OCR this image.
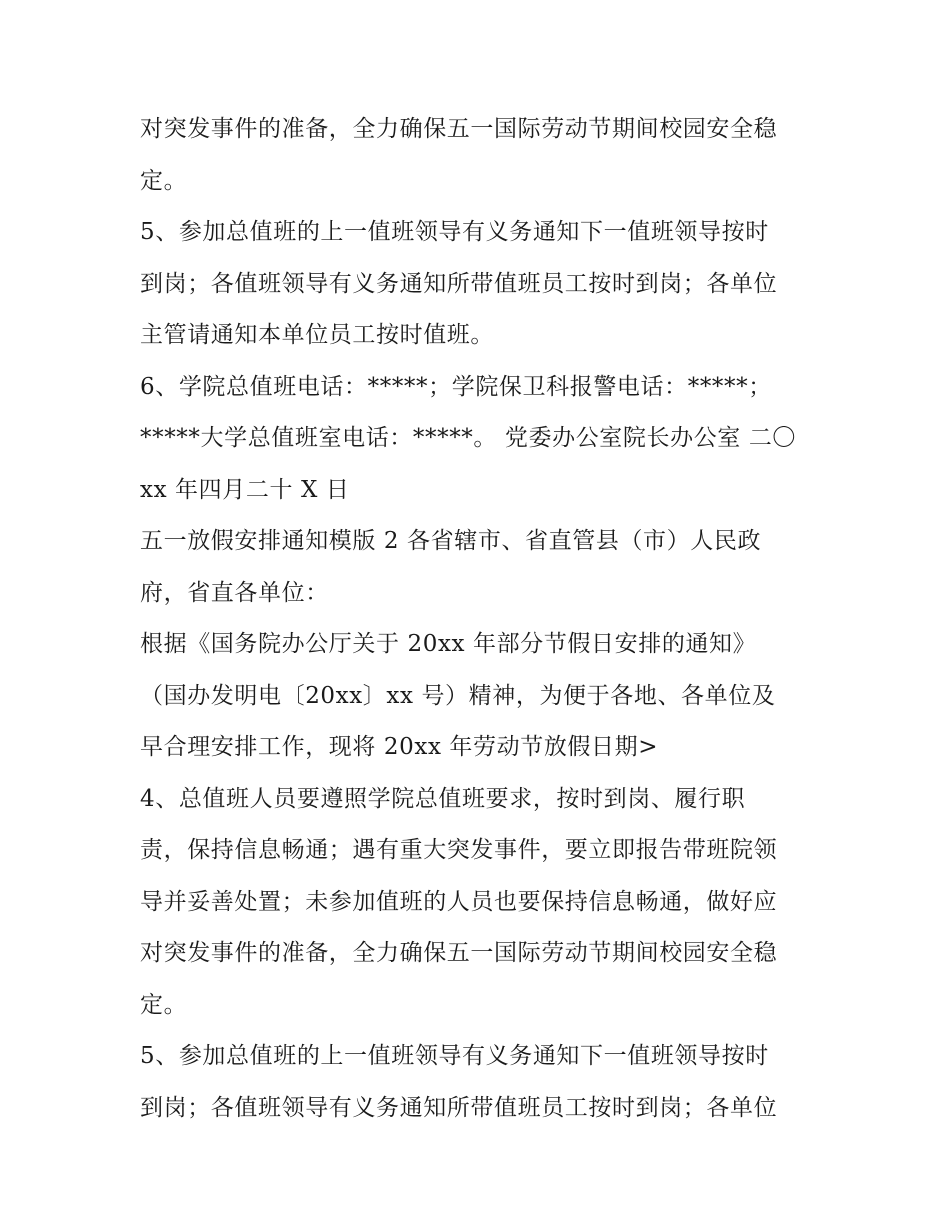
对突发事件的准备，全力确保五一国际劳动节期间校园安全稳
定。
5、参加总值班的上一值班领导有义务通知下一值班领导按时
到岗；各值班领导有义务通知所带值班员工按时到岗；各单位
主管请通知本单位员工按时值班。
6、学院总值班电话：*****；学院保卫科报警电话：*****；
*****大学总值班室电话：*****。 党委办公室院长办公室 二〇
xx 年四月二十 X 日
五一放假安排通知模版 2 各省辖市、省直管县（市）人民政
府，省直各单位：
根据《国务院办公厅关于 20xx 年部分节假日安排的通知》
（国办发明电〔20xx〕xx 号）精神，为便于各地、各单位及
早合理安排工作，现将 20xx 年劳动节放假日期>
4、总值班人员要遵照学院总值班要求，按时到岗、履行职
责，保持信息畅通；遇有重大突发事件，要立即报告带班院领
导并妥善处置；未参加值班的人员也要保持信息畅通，做好应
对突发事件的准备，全力确保五一国际劳动节期间校园安全稳
定。
5、参加总值班的上一值班领导有义务通知下一值班领导按时
到岗；各值班领导有义务通知所带值班员工按时到岗；各单位
